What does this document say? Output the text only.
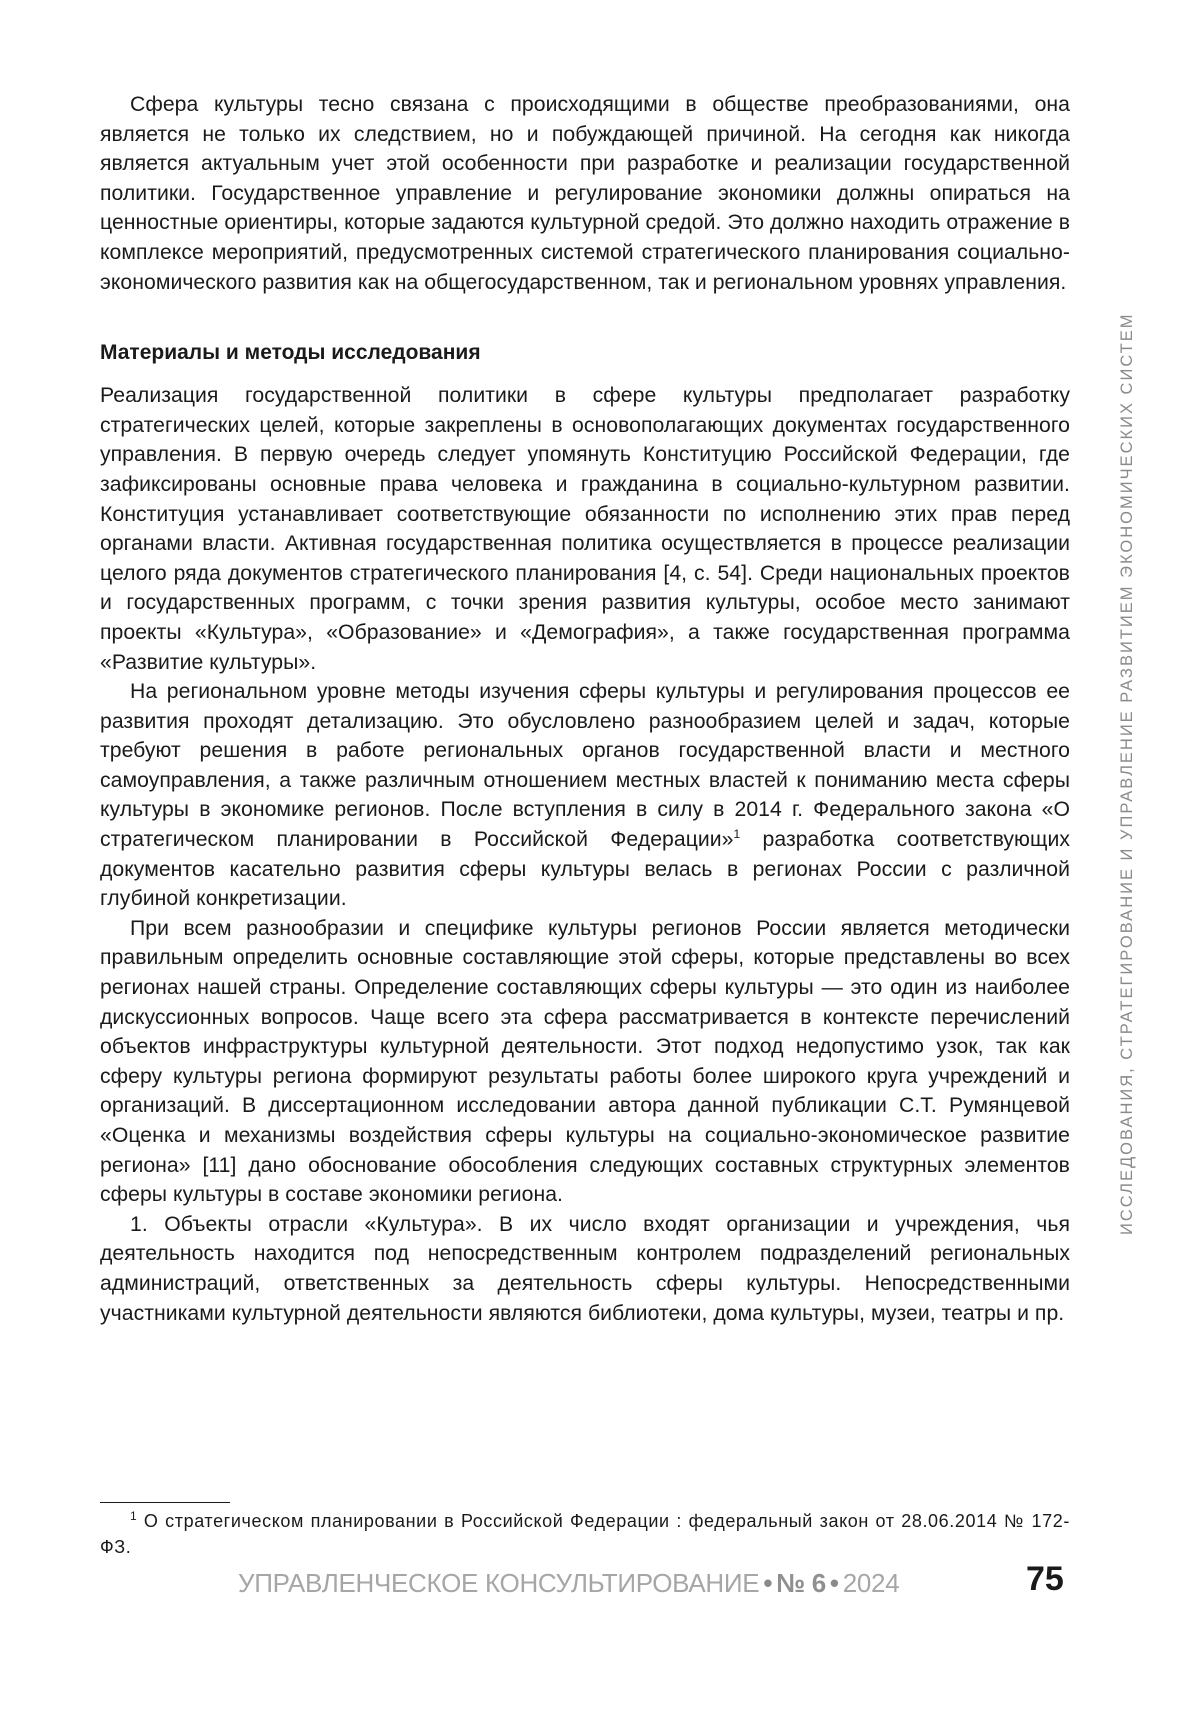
ИССЛЕДОВАНИЯ, СТРАТЕГИРОВАНИЕ И УПРАВЛЕНИЕ РАЗВИТИЕМ ЭКОНОМИЧЕСКИХ СИСТЕМ

Сфера культуры тесно связана с происходящими в обществе преобразованиями, она является не только их следствием, но и побуждающей причиной. На сегодня как никогда является актуальным учет этой особенности при разработке и реализации государственной политики. Государственное управление и регулирование экономики должны опираться на ценностные ориентиры, которые задаются культурной средой. Это должно находить отражение в комплексе мероприятий, предусмотренных системой стратегического планирования социально-экономического развития как на общегосударственном, так и региональном уровнях управления.

Материалы и методы исследования

Реализация государственной политики в сфере культуры предполагает разработку стратегических целей, которые закреплены в основополагающих документах государственного управления. В первую очередь следует упомянуть Конституцию Российской Федерации, где зафиксированы основные права человека и гражданина в социально-культурном развитии. Конституция устанавливает соответствующие обязанности по исполнению этих прав перед органами власти. Активная государственная политика осуществляется в процессе реализации целого ряда документов стратегического планирования [4, с. 54]. Среди национальных проектов и государственных программ, с точки зрения развития культуры, особое место занимают проекты «Культура», «Образование» и «Демография», а также государственная программа «Развитие культуры».

На региональном уровне методы изучения сферы культуры и регулирования процессов ее развития проходят детализацию. Это обусловлено разнообразием целей и задач, которые требуют решения в работе региональных органов государственной власти и местного самоуправления, а также различным отношением местных властей к пониманию места сферы культуры в экономике регионов. После вступления в силу в 2014 г. Федерального закона «О стратегическом планировании в Российской Федерации»1 разработка соответствующих документов касательно развития сферы культуры велась в регионах России с различной глубиной конкретизации.

При всем разнообразии и специфике культуры регионов России является методически правильным определить основные составляющие этой сферы, которые представлены во всех регионах нашей страны. Определение составляющих сферы культуры — это один из наиболее дискуссионных вопросов. Чаще всего эта сфера рассматривается в контексте перечислений объектов инфраструктуры культурной деятельности. Этот подход недопустимо узок, так как сферу культуры региона формируют результаты работы более широкого круга учреждений и организаций. В диссертационном исследовании автора данной публикации С.Т. Румянцевой «Оценка и механизмы воздействия сферы культуры на социально-экономическое развитие региона» [11] дано обоснование обособления следующих составных структурных элементов сферы культуры в составе экономики региона.

1. Объекты отрасли «Культура». В их число входят организации и учреждения, чья деятельность находится под непосредственным контролем подразделений региональных администраций, ответственных за деятельность сферы культуры. Непосредственными участниками культурной деятельности являются библиотеки, дома культуры, музеи, театры и пр.

1 О стратегическом планировании в Российской Федерации : федеральный закон от 28.06.2014 № 172-ФЗ.
УПРАВЛЕНЧЕСКОЕ КОНСУЛЬТИРОВАНИЕ • № 6 • 2024	75
